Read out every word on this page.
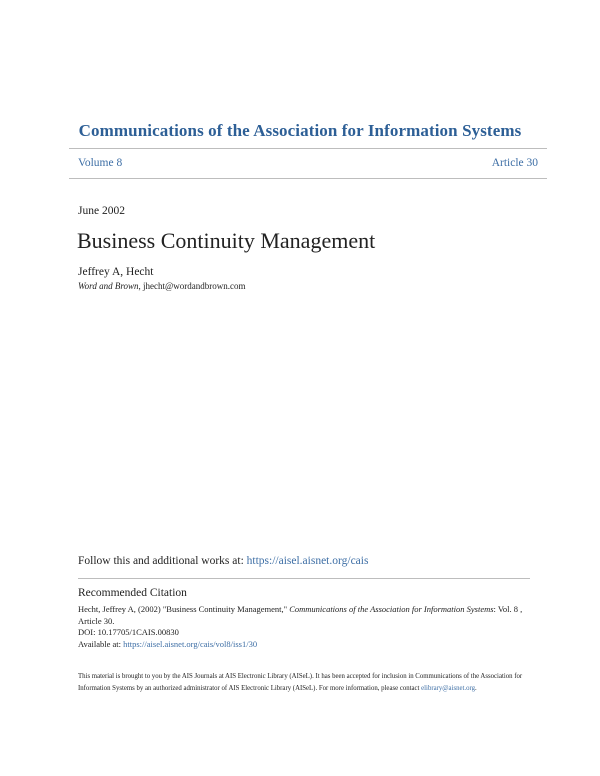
Communications of the Association for Information Systems
Volume 8	Article 30
June 2002
Business Continuity Management
Jeffrey A, Hecht
Word and Brown, jhecht@wordandbrown.com
Follow this and additional works at: https://aisel.aisnet.org/cais
Recommended Citation
Hecht, Jeffrey A, (2002) "Business Continuity Management," Communications of the Association for Information Systems: Vol. 8 , Article 30.
DOI: 10.17705/1CAIS.00830
Available at: https://aisel.aisnet.org/cais/vol8/iss1/30
This material is brought to you by the AIS Journals at AIS Electronic Library (AISeL). It has been accepted for inclusion in Communications of the Association for Information Systems by an authorized administrator of AIS Electronic Library (AISeL). For more information, please contact elibrary@aisnet.org.
